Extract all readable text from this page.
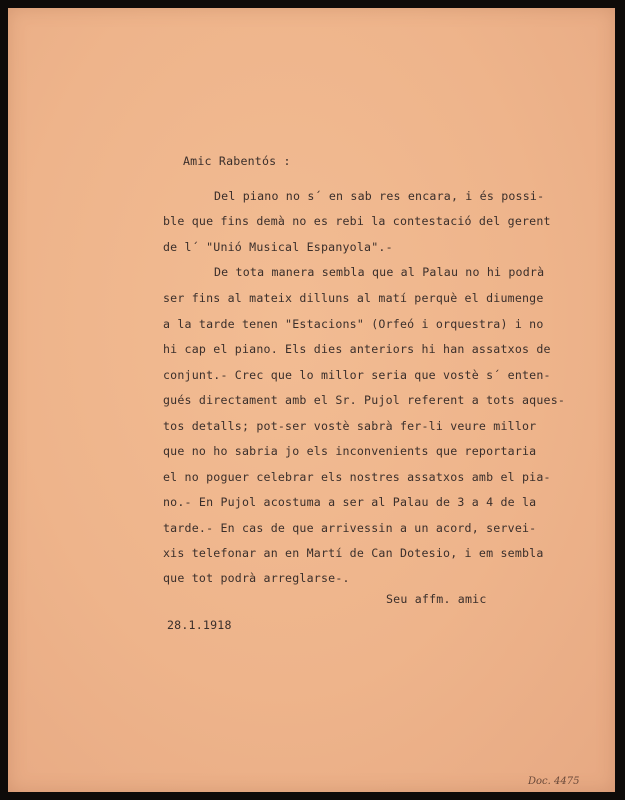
Amic Rabentós :
Del piano no s´ en sab res encara, i és possi-
ble que fins demà no es rebi la contestació del gerent
de l´ "Unió Musical Espanyola".-
De tota manera sembla que al Palau no hi podrà
ser fins al mateix dilluns al matí perquè el diumenge
a la tarde tenen "Estacions" (Orfeó i orquestra) i no
hi cap el piano. Els dies anteriors hi han assatxos de
conjunt.- Crec que lo millor seria que vostè s´ enten-
gués directament amb el Sr. Pujol referent a tots aques-
tos detalls; pot-ser vostè sabrà fer-li veure millor
que no ho sabria jo els inconvenients que reportaria
el no poguer celebrar els nostres assatxos amb el pia-
no.- En Pujol acostuma a ser al Palau de 3 a 4 de la
tarde.- En cas de que arrivessin a un acord, servei-
xis telefonar an en Martí de Can Dotesio, i em sembla
que tot podrà arreglarse-.
Seu affm. amic
28.1.1918
Doc. 4475
